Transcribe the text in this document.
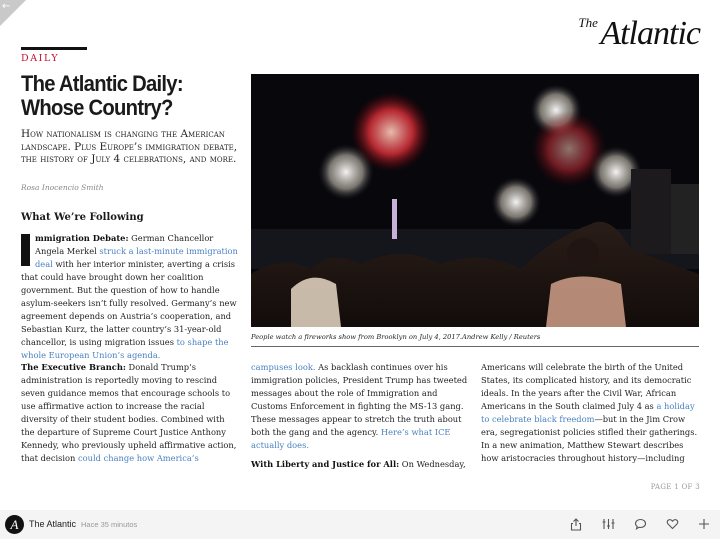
←
The Atlantic
DAILY
The Atlantic Daily: Whose Country?

How nationalism is changing the American landscape. Plus Europe’s immigration debate, the history of July 4 celebrations, and more.

Rosa Inocencio Smith
What We’re Following

mmigration Debate: German Chancellor Angela Merkel struck a last-minute immigration deal with her interior minister, averting a crisis that could have brought down her coalition government. But the question of how to handle asylum-seekers isn’t fully resolved. Germany’s new agreement depends on Austria’s cooperation, and Sebastian Kurz, the latter country’s 31-year-old chancellor, is using migration issues to shape the whole European Union’s agenda.

The Executive Branch: Donald Trump’s administration is reportedly moving to rescind seven guidance memos that encourage schools to use affirmative action to increase the racial diversity of their student bodies. Combined with the departure of Supreme Court Justice Anthony Kennedy, who previously upheld affirmative action, that decision could change how America’s

People watch a fireworks show from Brooklyn on July 4, 2017.Andrew Kelly / Reuters

campuses look. As backlash continues over his immigration policies, President Trump has tweeted messages about the role of Immigration and Customs Enforcement in fighting the MS-13 gang. These messages appear to stretch the truth about both the gang and the agency. Here’s what ICE actually does.

With Liberty and Justice for All: On Wednesday,

Americans will celebrate the birth of the United States, its complicated history, and its democratic ideals. In the years after the Civil War, African Americans in the South claimed July 4 as a holiday to celebrate black freedom—but in the Jim Crow era, segregationist policies stifled their gatherings. In a new animation, Matthew Stewart describes how aristocracies throughout history—including

PAGE 1 OF 3
A	The Atlantic Hace 35 minutos
